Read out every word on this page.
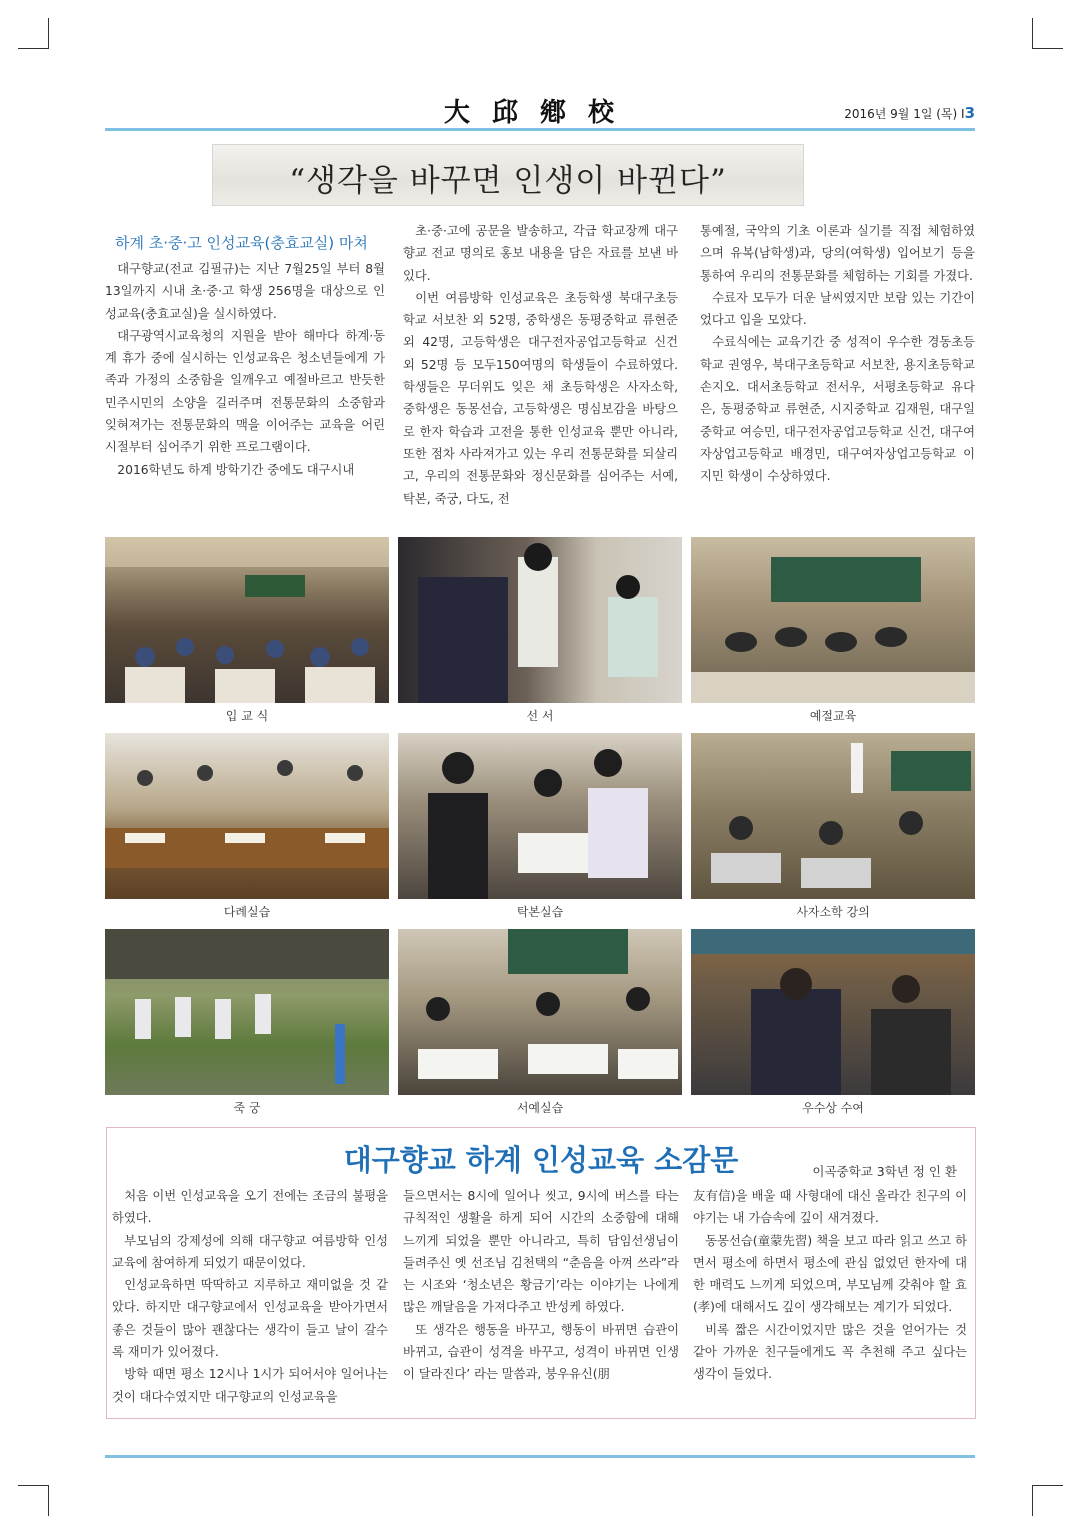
大邱鄕校	2016년 9월 1일 (목) I3
“생각을 바꾸면 인생이 바뀐다”
하계 초·중·고 인성교육(충효교실) 마쳐

대구향교(전교 김필규)는 지난 7월25일 부터 8월13일까지 시내 초·중·고 학생 256명을 대상으로 인성교육(충효교실)을 실시하였다.

대구광역시교육청의 지원을 받아 해마다 하계·동계 휴가 중에 실시하는 인성교육은 청소년들에게 가족과 가정의 소중함을 일깨우고 예절바르고 반듯한 민주시민의 소양을 길러주며 전통문화의 소중함과 잊혀져가는 전통문화의 맥을 이어주는 교육을 어린 시절부터 심어주기 위한 프로그램이다.

2016학년도 하계 방학기간 중에도 대구시내

초·중·고에 공문을 발송하고, 각급 학교장께 대구향교 전교 명의로 홍보 내용을 담은 자료를 보낸 바 있다.

이번 여름방학 인성교육은 초등학생 북대구초등학교 서보찬 외 52명, 중학생은 동평중학교 류현준 외 42명, 고등학생은 대구전자공업고등학교 신건 외 52명 등 모두150여명의 학생들이 수료하였다. 학생들은 무더위도 잊은 채 초등학생은 사자소학, 중학생은 동몽선습, 고등학생은 명심보감을 바탕으로 한자 학습과 고전을 통한 인성교육 뿐만 아니라, 또한 점차 사라져가고 있는 우리 전통문화를 되살리고, 우리의 전통문화와 정신문화를 심어주는 서예, 탁본, 죽궁, 다도, 전

통예절, 국악의 기초 이론과 실기를 직접 체험하였으며 유복(남학생)과, 당의(여학생) 입어보기 등을 통하여 우리의 전통문화를 체험하는 기회를 가졌다.

수료자 모두가 더운 날씨였지만 보람 있는 기간이었다고 입을 모았다.

수료식에는 교육기간 중 성적이 우수한 경동초등학교 권영우, 북대구초등학교 서보찬, 용지초등학교 손지오. 대서초등학교 전서우, 서평초등학교 유다은, 동평중학교 류현준, 시지중학교 김재원, 대구일중학교 여승민, 대구전자공업고등학교 신건, 대구여자상업고등학교 배경민, 대구여자상업고등학교 이지민 학생이 수상하였다.

입 교 식	선 서	예절교육
다례실습	탁본실습	사자소학 강의
죽 궁	서예실습	우수상 수여
대구향교 하계 인성교육 소감문	이곡중학교 3학년 정 인 환

처음 이번 인성교육을 오기 전에는 조금의 불평을 하였다.

부모님의 강제성에 의해 대구향교 여름방학 인성교육에 참여하게 되었기 때문이었다.

인성교육하면 딱딱하고 지루하고 재미없을 것 같았다. 하지만 대구향교에서 인성교육을 받아가면서 좋은 것들이 많아 괜찮다는 생각이 들고 날이 갈수록 재미가 있어졌다.

방학 때면 평소 12시나 1시가 되어서야 일어나는 것이 대다수였지만 대구향교의 인성교육을

들으면서는 8시에 일어나 씻고, 9시에 버스를 타는 규칙적인 생활을 하게 되어 시간의 소중함에 대해 느끼게 되었을 뿐만 아니라고, 특히 담임선생님이 들려주신 옛 선조님 김천택의 “춘음을 아껴 쓰라”라는 시조와 ‘청소년은 황금기’라는 이야기는 나에게 많은 깨달음을 가져다주고 반성케 하였다.

또 생각은 행동을 바꾸고, 행동이 바뀌면 습관이 바뀌고, 습관이 성격을 바꾸고, 성격이 바뀌면 인생이 달라진다’ 라는 말씀과, 붕우유신(朋

友有信)을 배울 때 사형대에 대신 올라간 친구의 이야기는 내 가슴속에 깊이 새겨졌다.

동몽선습(童蒙先習) 책을 보고 따라 읽고 쓰고 하면서 평소에 하면서 평소에 관심 없었던 한자에 대한 매력도 느끼게 되었으며, 부모님께 갖춰야 할 효(孝)에 대해서도 깊이 생각해보는 계기가 되었다.

비록 짧은 시간이었지만 많은 것을 얻어가는 것 같아 가까운 친구들에게도 꼭 추천해 주고 싶다는 생각이 들었다.
